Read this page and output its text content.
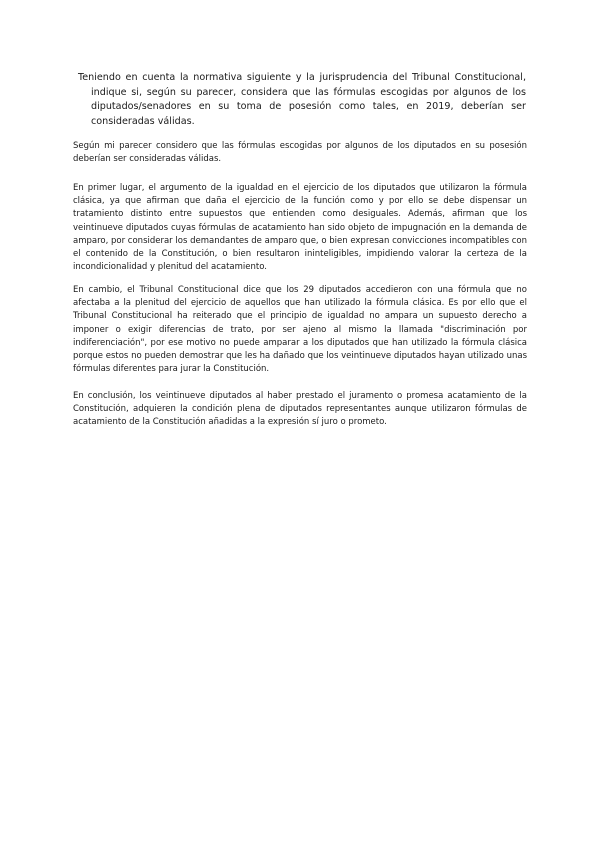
Teniendo en cuenta la normativa siguiente y la jurisprudencia del Tribunal Constitucional, indique si, según su parecer, considera que las fórmulas escogidas por algunos de los diputados/senadores en su toma de posesión como tales, en 2019, deberían ser consideradas válidas.

Según mi parecer considero que las fórmulas escogidas por algunos de los diputados en su posesión deberían ser consideradas válidas.

En primer lugar, el argumento de la igualdad en el ejercicio de los diputados que utilizaron la fórmula clásica, ya que afirman que daña el ejercicio de la función como y por ello se debe dispensar un tratamiento distinto entre supuestos que entienden como desiguales. Además, afirman que los veintinueve diputados cuyas fórmulas de acatamiento han sido objeto de impugnación en la demanda de amparo, por considerar los demandantes de amparo que, o bien expresan convicciones incompatibles con el contenido de la Constitución, o bien resultaron ininteligibles, impidiendo valorar la certeza de la incondicionalidad y plenitud del acatamiento.

En cambio, el Tribunal Constitucional dice que los 29 diputados accedieron con una fórmula que no afectaba a la plenitud del ejercicio de aquellos que han utilizado la fórmula clásica. Es por ello que el Tribunal Constitucional ha reiterado que el principio de igualdad no ampara un supuesto derecho a imponer o exigir diferencias de trato, por ser ajeno al mismo la llamada "discriminación por indiferenciación", por ese motivo no puede amparar a los diputados que han utilizado la fórmula clásica porque estos no pueden demostrar que les ha dañado que los veintinueve diputados hayan utilizado unas fórmulas diferentes para jurar la Constitución.

En conclusión, los veintinueve diputados al haber prestado el juramento o promesa acatamiento de la Constitución, adquieren la condición plena de diputados representantes aunque utilizaron fórmulas de acatamiento de la Constitución añadidas a la expresión sí juro o prometo.
